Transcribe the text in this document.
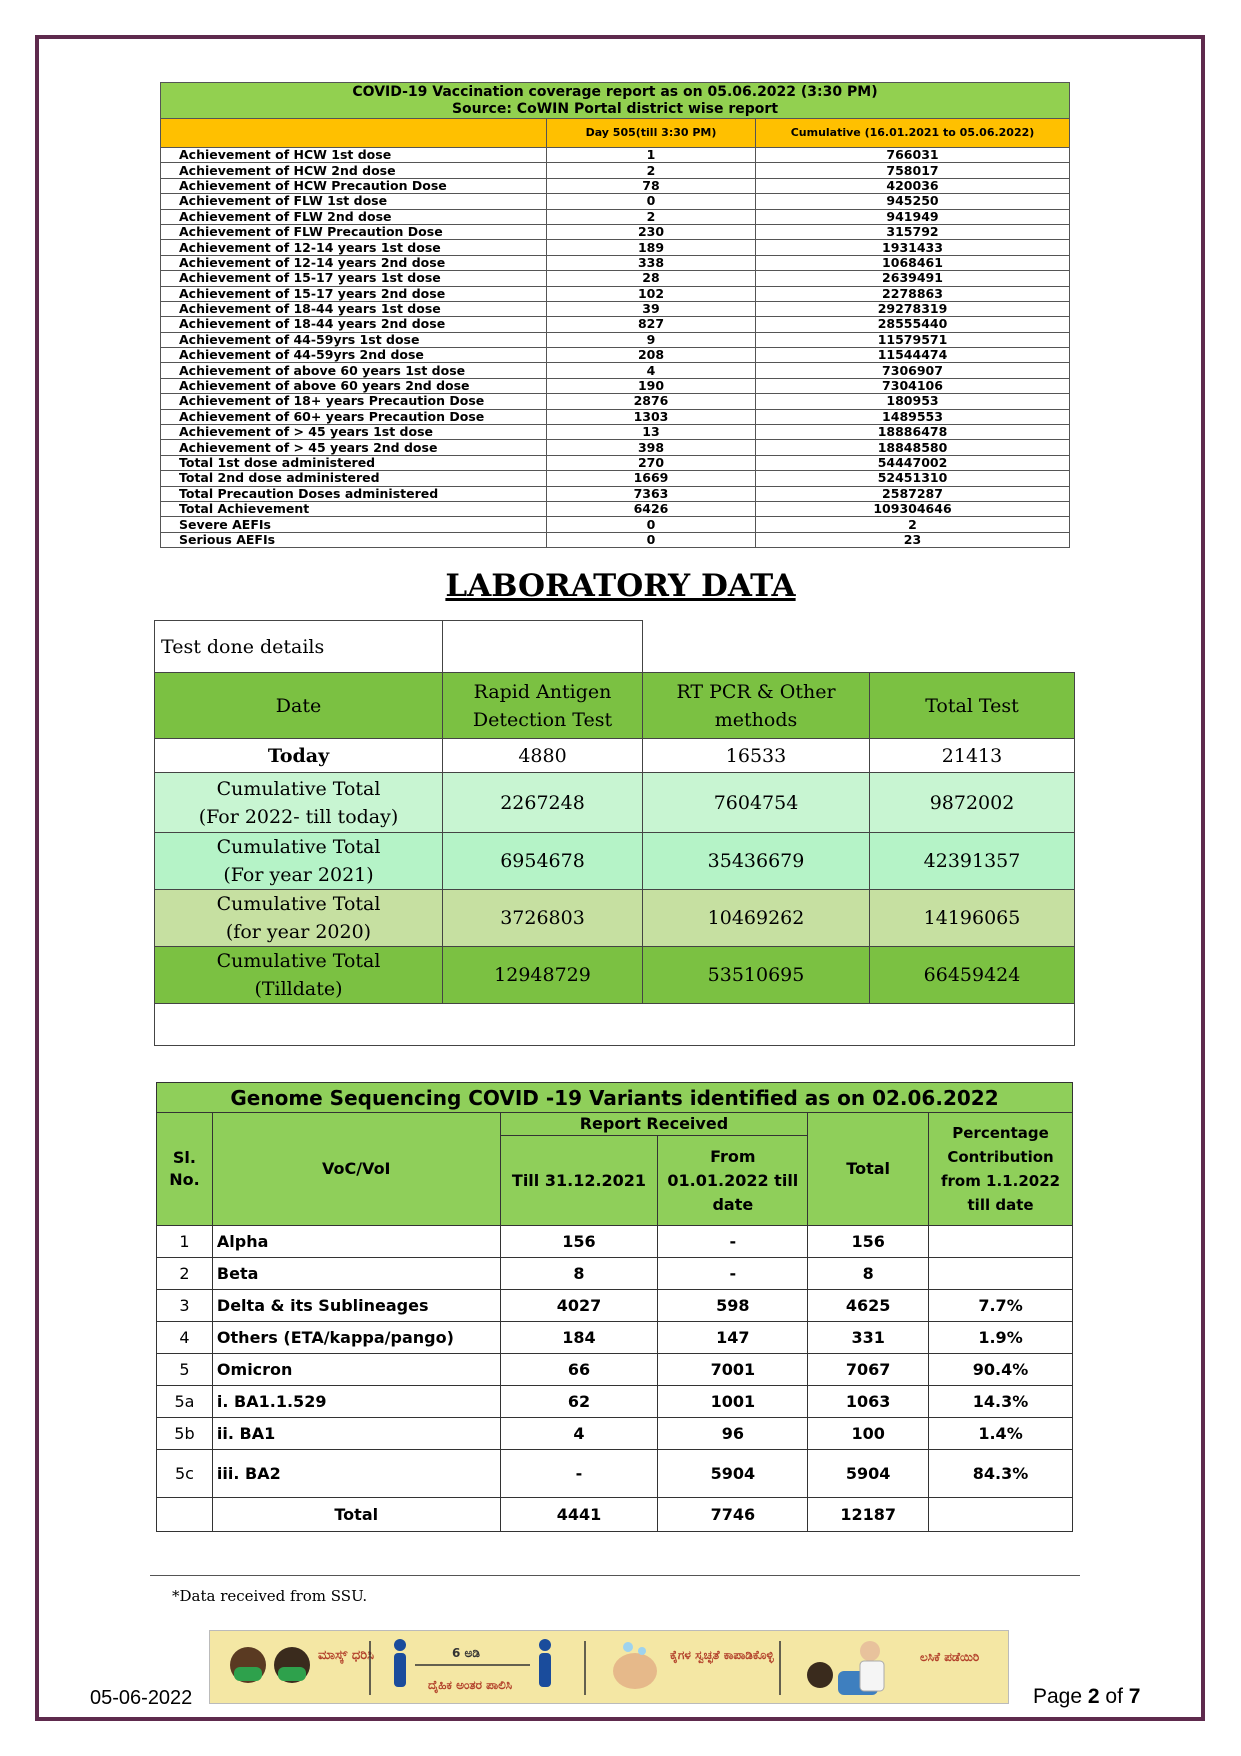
COVID-19 Vaccination coverage report as on 05.06.2022 (3:30 PM)
Source: CoWIN Portal district wise report		

	Day 505(till 3:30 PM)	Cumulative (16.01.2021 to 05.06.2022)
Achievement of HCW 1st dose	1	766031
Achievement of HCW 2nd dose	2	758017
Achievement of HCW Precaution Dose	78	420036
Achievement of FLW 1st dose	0	945250
Achievement of FLW 2nd dose	2	941949
Achievement of FLW Precaution Dose	230	315792
Achievement of 12-14 years 1st dose	189	1931433
Achievement of 12-14 years 2nd dose	338	1068461
Achievement of 15-17 years 1st dose	28	2639491
Achievement of 15-17 years 2nd dose	102	2278863
Achievement of 18-44 years 1st dose	39	29278319
Achievement of 18-44 years 2nd dose	827	28555440
Achievement of 44-59yrs 1st dose	9	11579571
Achievement of 44-59yrs 2nd dose	208	11544474
Achievement of above 60 years 1st dose	4	7306907
Achievement of above 60 years 2nd dose	190	7304106
Achievement of 18+ years Precaution Dose	2876	180953
Achievement of 60+ years Precaution Dose	1303	1489553
Achievement of > 45 years 1st dose	13	18886478
Achievement of > 45 years 2nd dose	398	18848580
Total 1st dose administered	270	54447002
Total 2nd dose administered	1669	52451310
Total Precaution Doses administered	7363	2587287
Total Achievement	6426	109304646
Severe AEFIs	0	2
Serious AEFIs	0	23
LABORATORY DATA
Test done details			
Date	Rapid Antigen Detection Test	RT PCR & Other methods	Total Test

Today	4880	16533	21413

Cumulative Total
(For 2022- till today)	2267248	7604754	9872002

Cumulative Total
(For year 2021)	6954678	35436679	42391357

Cumulative Total
(for year 2020)	3726803	10469262	14196065

Cumulative Total
(Tilldate)	12948729	53510695	66459424

Genome Sequencing COVID -19 Variants identified as on 02.06.2022					
Sl. No.	VoC/VoI	Report Received		Total	Percentage Contribution from 1.1.2022 till date
		Till 31.12.2021	From 01.01.2022 till date		
1	Alpha	156	-	156	
2	Beta	8	-	8	
3	Delta & its Sublineages	4027	598	4625	7.7%
4	Others (ETA/kappa/pango)	184	147	331	1.9%
5	Omicron	66	7001	7067	90.4%
5a	i. BA1.1.529	62	1001	1063	14.3%
5b	ii. BA1	4	96	100	1.4%
5c	iii. BA2	-	5904	5904	84.3%
	Total	4441	7746	12187	
*Data received from SSU.
ಮಾಸ್ಕ್ ಧರಿಸಿ	6 ಅಡಿ
ದೈಹಿಕ ಅಂತರ ಪಾಲಿಸಿ
ಕೈಗಳ ಸ್ವಚ್ಛತೆ ಕಾಪಾಡಿಕೊಳ್ಳಿ	ಲಸಿಕೆ ಪಡೆಯಿರಿ
05-06-2022	Page 2 of 7
